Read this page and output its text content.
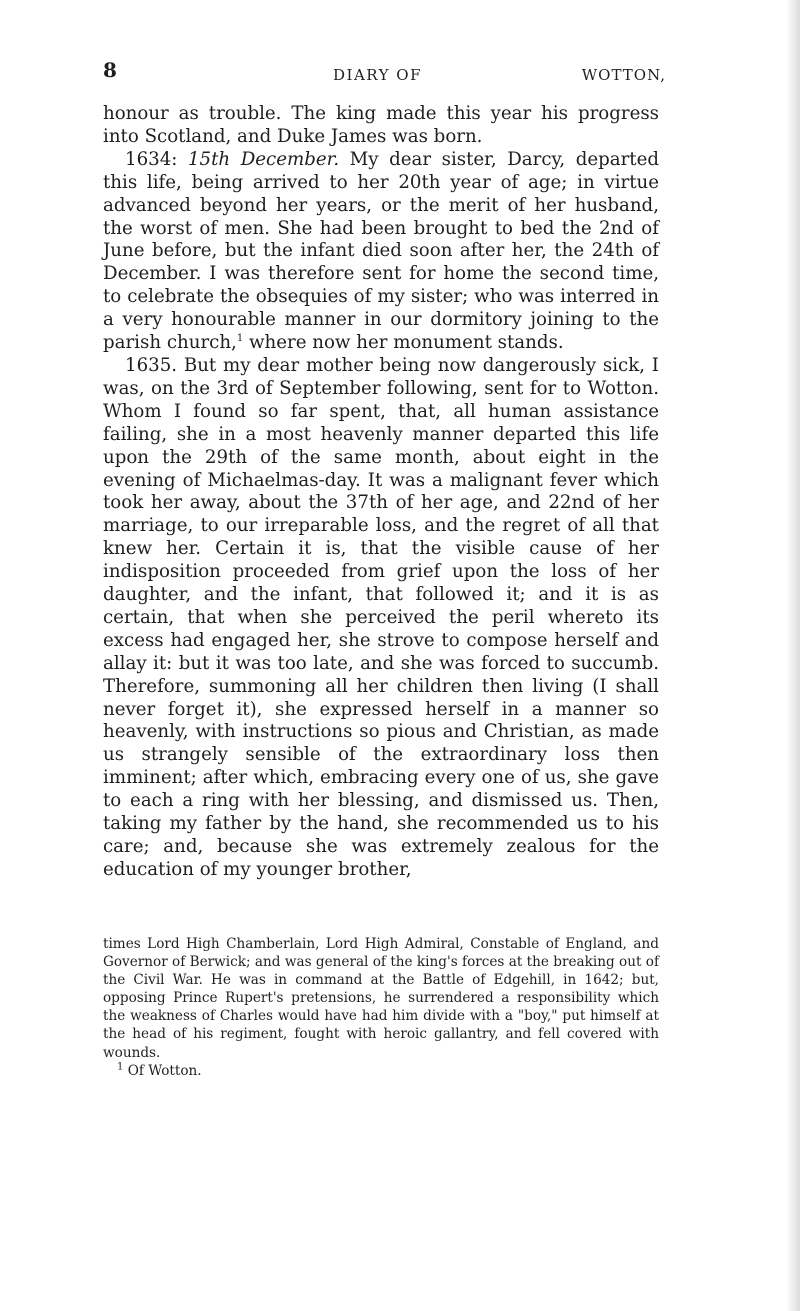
8	DIARY OF	WOTTON,

honour as trouble. The king made this year his progress into Scotland, and Duke James was born.

1634: 15th December. My dear sister, Darcy, departed this life, being arrived to her 20th year of age; in virtue advanced beyond her years, or the merit of her husband, the worst of men. She had been brought to bed the 2nd of June before, but the infant died soon after her, the 24th of December. I was therefore sent for home the second time, to celebrate the obsequies of my sister; who was interred in a very honourable manner in our dormitory joining to the parish church,$^1$ where now her monument stands.

1635. But my dear mother being now dangerously sick, I was, on the 3rd of September following, sent for to Wotton. Whom I found so far spent, that, all human assistance failing, she in a most heavenly manner departed this life upon the 29th of the same month, about eight in the evening of Michaelmas-day. It was a malignant fever which took her away, about the 37th of her age, and 22nd of her marriage, to our irreparable loss, and the regret of all that knew her. Certain it is, that the visible cause of her indisposition proceeded from grief upon the loss of her daughter, and the infant, that followed it; and it is as certain, that when she perceived the peril whereto its excess had engaged her, she strove to compose herself and allay it: but it was too late, and she was forced to succumb. Therefore, summoning all her children then living (I shall never forget it), she expressed herself in a manner so heavenly, with instructions so pious and Christian, as made us strangely sensible of the extraordinary loss then imminent; after which, embracing every one of us, she gave to each a ring with her blessing, and dismissed us. Then, taking my father by the hand, she recommended us to his care; and, because she was extremely zealous for the education of my younger brother,

times Lord High Chamberlain, Lord High Admiral, Constable of England, and Governor of Berwick; and was general of the king's forces at the breaking out of the Civil War. He was in command at the Battle of Edgehill, in 1642; but, opposing Prince Rupert's pretensions, he surrendered a responsibility which the weakness of Charles would have had him divide with a "boy," put himself at the head of his regiment, fought with heroic gallantry, and fell covered with wounds.

$^1$ Of Wotton.
